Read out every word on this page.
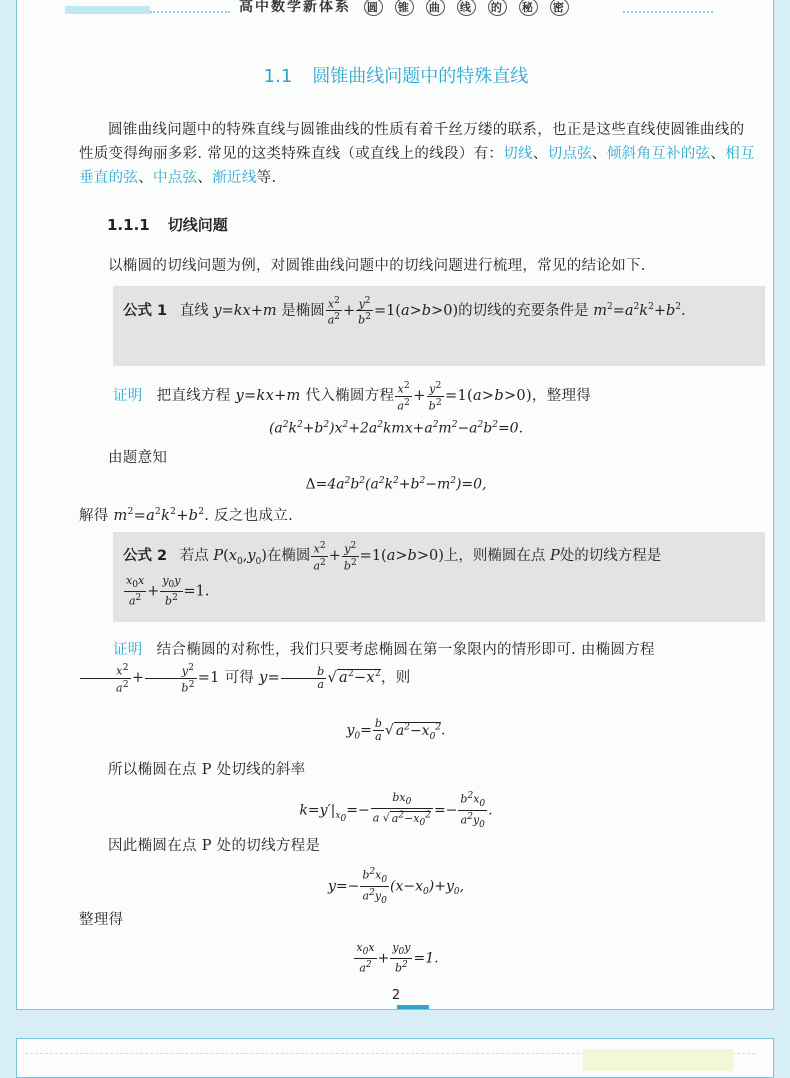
高中数学新体系 圆 锥 曲 线 的 秘 密
1.1 圆锥曲线问题中的特殊直线
圆锥曲线问题中的特殊直线与圆锥曲线的性质有着千丝万缕的联系，也正是这些直线使圆锥曲线的性质变得绚丽多彩. 常见的这类特殊直线（或直线上的线段）有：切线、切点弦、倾斜角互补的弦、相互垂直的弦、中点弦、渐近线等.
1.1.1 切线问题
以椭圆的切线问题为例，对圆锥曲线问题中的切线问题进行梳理，常见的结论如下.
公式 1 直线 y=kx+m 是椭圆 $\frac{x^2}{a^2} + \frac{y^2}{b^2} =1(a>b>0)$的切线的充要条件是 $m^2=a^2k^2+b^2$.
证明 把直线方程 y=kx+m 代入椭圆方程 $\frac{x^2}{a^2} + \frac{y^2}{b^2} =1(a>b>0)$，整理得
$(a^2k^2+b^2)x^2+2a^2kmx+a^2m^2-a^2b^2=0$.
由题意知
$\Delta=4a^2b^2(a^2k^2+b^2-m^2)=0$,
解得 $m^2=a^2k^2+b^2$. 反之也成立.
公式 2 若点 $P(x_0,y_0)$在椭圆 $\frac{x^2}{a^2} + \frac{y^2}{b^2} =1(a>b>0)$上，则椭圆在点 P处的切线方程是

$\frac{x_0x}{a^2} + \frac{y_0y}{b^2} =1$.
证明 结合椭圆的对称性，我们只要考虑椭圆在第一象限内的情形即可. 由椭圆方程

$\frac{x^2}{a^2} + \frac{y^2}{b^2} =1$ 可得 $y= \frac{b}{a}$ √ $a^2-x^2$，则
$y_0= \frac{b}{a}$ √ $a^2-x_0^2$.
所以椭圆在点 P 处切线的斜率
$k=y'|_{x_0}=- \frac{bx_0}{a √ a^2-x_0^2} =- \frac{b^2x_0}{a^2y_0}$ .
因此椭圆在点 P 处的切线方程是
$y=- \frac{b^2x_0}{a^2y_0} (x-x_0)+y_0$,
整理得
$\frac{x_0x}{a^2} + \frac{y_0y}{b^2} =1$.
2
